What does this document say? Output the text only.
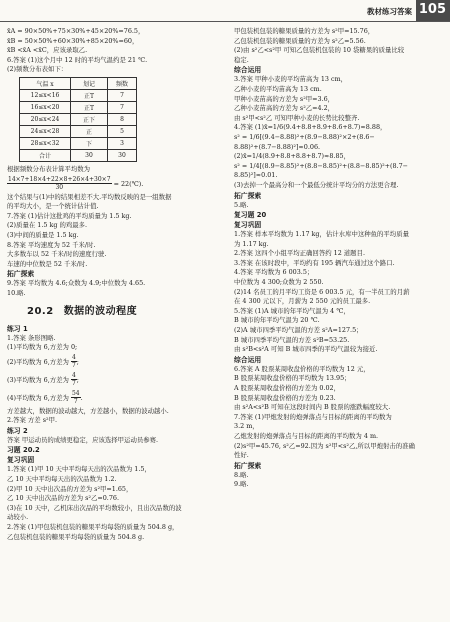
教材练习答案 105
x̄A = 90×50%+75×30%+45×20%=76.5，
x̄B = 50×50%+60×30%+85×20%=60，
x̄B <x̄A <x̄C，应该录取乙.
6.答案 (1)这个月中 12 时的平均气温约是 21 ℃.
(2)频数分布表如下：
气温 x	划记	频数
12≤x<16	正T	7
16≤x<20	正T	7
20≤x<24	正下	8
24≤x<28	正	5
28≤x<32	下	3
合计	30	30
根据频数分布表计算平均数为
$\frac{14\times 7+18\times 4+22\times 8+26\times 4+30\times 7}{30}$ = 22(℃).
这个结果与(1)中的结果相差不大.平均数反映的是一组数据
的平均大小，是一个统计估计值.
7.答案 (1)估计这批鸡的平均质量为 1.5 kg.
(2)质量在 1.5 kg 的鸡最多.
(3)中间的质量是 1.5 kg.
8.答案 平均速度为 52 千米/时.
大多数车以 52 千米/时的速度行驶.
车速的中位数是 52 千米/时.
拓广探索
9.答案 平均数为 4.6;众数为 4.9;中位数为 4.65.
10.略.
20.2 数据的波动程度
练习 1
1.答案 条形图略.
(1)平均数为 6,方差为 0;
(2)平均数为 6,方差为 $\frac{4}{7}$ ;
(3)平均数为 6,方差为 $\frac{4}{7}$ ;
(4)平均数为 6,方差为 $\frac{54}{7}$ .
方差越大，数据的波动越大，方差越小，数据的波动越小.
2.答案 方差 s²甲.
练习 2
答案 甲运动员的成绩更稳定，应该选择甲运动员参赛.
习题 20.2
复习巩固
1.答案 (1)甲 10 天中平均每天出的次品数为 1.5，
乙 10 天中平均每天出的次品数为 1.2.
(2)甲 10 天中出次品的方差为 s²甲=1.65，
乙 10 天中出次品的方差为 s²乙=0.76.
(3)在 10 天中，乙机床出次品的平均数较小，且出次品数的波
动较小.
2.答案 (1)甲包装机包装的糖果平均每袋的质量为 504.8 g，
乙包装机包装的糖果平均每袋的质量为 504.8 g.
甲包装机包装的糖果质量的方差为 s²甲=15.76，
乙包装机包装的糖果质量的方差为 s²乙=5.56.
(2)由 s²乙<s²甲 可知乙包装机包装的 10 袋糖果的质量比较
稳定.
综合运用
3.答案 甲种小麦的平均苗高为 13 cm，
乙种小麦的平均苗高为 13 cm.
甲种小麦苗高的方差为 s²甲=3.6，
乙种小麦苗高的方差为 s²乙=4.2，
由 s²甲<s²乙 可知甲种小麦的长势比较整齐.
4.答案 (1)x̄=1/6(9.4+8.8+8.9+8.6+8.7)≈8.88，
s² = 1/6[(9.4−8.88)²+(8.9−8.88)²×2+(8.6−
8.88)²+(8.7−8.88)²]≈0.06.
(2)x̄=1/4(8.9+8.8+8.8+8.7)≈8.85，
s² = 1/4[(8.9−8.85)²+(8.8−8.85)²+(8.8−8.85)²+(8.7−
8.85)²]≈0.01.
(3)去掉一个最高分和一个最低分统计平均分的方法更合理.
拓广探索
5.略.
复习题 20
复习巩固
1.答案 样本平均数为 1.17 kg，估计水库中这种鱼的平均质量
为 1.17 kg.
2.答案 这四个小组平均正确回答约 12 道题目.
3.答案 在该时段中，平均约有 195 辆汽车通过这个路口.
4.答案 平均数为 6 003.5；
中位数为 4 300;众数为 2 550.
(2)14 名员工的月平均工资是 6 003.5 元，有一半员工的月薪
在 4 300 元以下，月薪为 2 550 元的员工最多.
5.答案 (1)A 城市的年平均气温为 4 ℃，
B 城市的年平均气温为 20 ℃.
(2)A 城市四季平均气温的方差 s²A=127.5；
B 城市四季平均气温的方差 s²B=53.25.
由 s²B<s²A 可知 B 城市四季的平均气温较为接近.
综合运用
6.答案 A 股票某周收盘价格的平均数为 12 元，
B 股票某周收盘价格的平均数为 13.95；
A 股票某周收盘价格的方差为 0.02，
B 股票某周收盘价格的方差为 0.23.
由 s²A<s²B 可知在这段时间内 B 股票的涨跌幅度较大.
7.答案 (1)甲炮发射的炮弹落点与目标的距离的平均数为
3.2 m，
乙炮发射的炮弹落点与目标的距离的平均数为 4 m.
(2)s²甲=45.76, s²乙=92.因为 s²甲<s²乙,所以甲炮射击的准确
性好.
拓广探索
8.略.
9.略.
